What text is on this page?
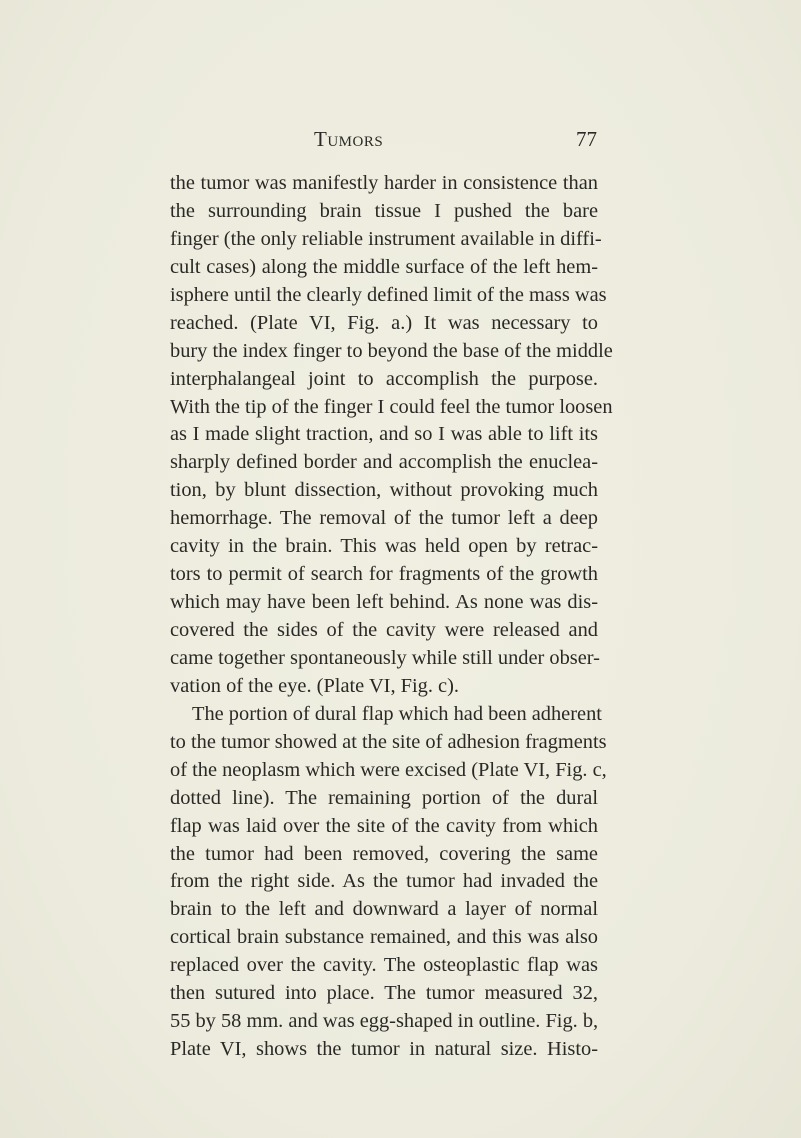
Tumors	77
the tumor was manifestly harder in consistence than
the surrounding brain tissue I pushed the bare
finger (the only reliable instrument available in diffi-
cult cases) along the middle surface of the left hem-
isphere until the clearly defined limit of the mass was
reached. (Plate VI, Fig. a.) It was necessary to
bury the index finger to beyond the base of the middle
interphalangeal joint to accomplish the purpose.
With the tip of the finger I could feel the tumor loosen
as I made slight traction, and so I was able to lift its
sharply defined border and accomplish the enuclea-
tion, by blunt dissection, without provoking much
hemorrhage. The removal of the tumor left a deep
cavity in the brain. This was held open by retrac-
tors to permit of search for fragments of the growth
which may have been left behind. As none was dis-
covered the sides of the cavity were released and
came together spontaneously while still under obser-
vation of the eye. (Plate VI, Fig. c).
The portion of dural flap which had been adherent
to the tumor showed at the site of adhesion fragments
of the neoplasm which were excised (Plate VI, Fig. c,
dotted line). The remaining portion of the dural
flap was laid over the site of the cavity from which
the tumor had been removed, covering the same
from the right side. As the tumor had invaded the
brain to the left and downward a layer of normal
cortical brain substance remained, and this was also
replaced over the cavity. The osteoplastic flap was
then sutured into place. The tumor measured 32,
55 by 58 mm. and was egg-shaped in outline. Fig. b,
Plate VI, shows the tumor in natural size. Histo-
